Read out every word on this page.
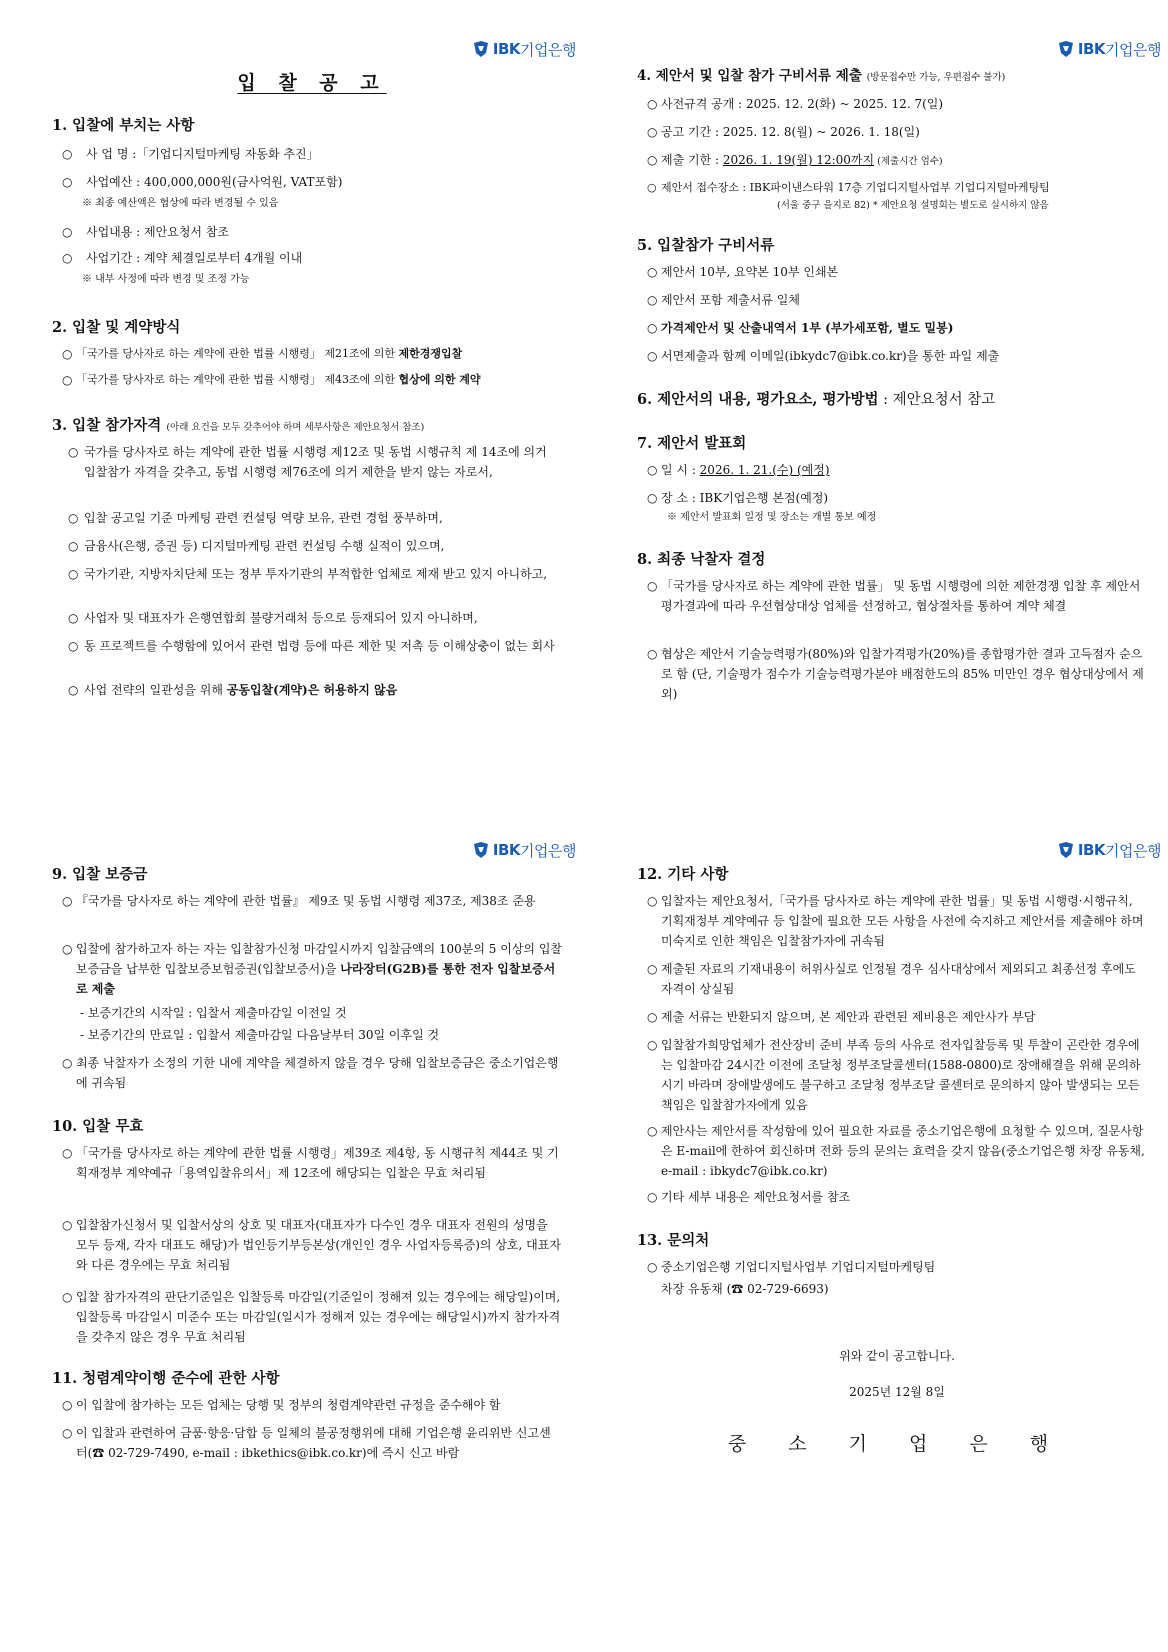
IBK 기업은행
입 찰 공 고
1. 입찰에 부치는 사항
○	사 업 명 :「기업디지털마케팅 자동화 추진」
○	사업예산 : 400,000,000원(금사억원, VAT포함)
※ 최종 예산액은 협상에 따라 변경될 수 있음
○	사업내용 : 제안요청서 참조
○	사업기간 : 계약 체결일로부터 4개월 이내
※ 내부 사정에 따라 변경 및 조정 가능
2. 입찰 및 계약방식
○ 「국가를 당사자로 하는 계약에 관한 법률 시행령」 제21조에 의한 제한경쟁입찰
○ 「국가를 당사자로 하는 계약에 관한 법률 시행령」 제43조에 의한 협상에 의한 계약
3. 입찰 참가자격 (아래 요건을 모두 갖추어야 하며 세부사항은 제안요청서 참조)
○ 국가를 당사자로 하는 계약에 관한 법률 시행령 제12조 및 동법 시행규칙 제 14조에 의거 입찰참가 자격을 갖추고, 동법 시행령 제76조에 의거 제한을 받지 않는 자로서,
○ 입찰 공고일 기준 마케팅 관련 컨설팅 역량 보유, 관련 경험 풍부하며,
○ 금융사(은행, 증권 등) 디지털마케팅 관련 컨설팅 수행 실적이 있으며,
○ 국가기관, 지방자치단체 또는 정부 투자기관의 부적합한 업체로 제재 받고 있지 아니하고,
○ 사업자 및 대표자가 은행연합회 불량거래처 등으로 등재되어 있지 아니하며,
○ 동 프로젝트를 수행함에 있어서 관련 법령 등에 따른 제한 및 저촉 등 이해상충이 없는 회사
○ 사업 전략의 일관성을 위해 공동입찰(계약)은 허용하지 않음
IBK 기업은행
4. 제안서 및 입찰 참가 구비서류 제출 (방문접수만 가능, 우편접수 불가)
○ 사전규격 공개 : 2025. 12. 2(화) ~ 2025. 12. 7(일)
○ 공고 기간 : 2025. 12. 8(월) ~ 2026. 1. 18(일)
○ 제출 기한 : 2026. 1. 19(월) 12:00까지 (제출시간 엄수)
○ 제안서 접수장소 : IBK파이낸스타워 17층 기업디지털사업부 기업디지털마케팅팀
(서울 중구 을지로 82) * 제안요청 설명회는 별도로 실시하지 않음
5. 입찰참가 구비서류
○ 제안서 10부, 요약본 10부 인쇄본
○ 제안서 포함 제출서류 일체
○ 가격제안서 및 산출내역서 1부 (부가세포함, 별도 밀봉)
○ 서면제출과 함께 이메일(ibkydc7@ibk.co.kr)을 통한 파일 제출
6. 제안서의 내용, 평가요소, 평가방법 : 제안요청서 참고
7. 제안서 발표회
○ 일 시 : 2026. 1. 21.(수) (예정)
○ 장 소 : IBK기업은행 본점(예정)
※ 제안서 발표회 일정 및 장소는 개별 통보 예정
8. 최종 낙찰자 결정
○ 「국가를 당사자로 하는 계약에 관한 법률」 및 동법 시행령에 의한 제한경쟁 입찰 후 제안서 평가결과에 따라 우선협상대상 업체를 선정하고, 협상절차를 통하여 계약 체결
○ 협상은 제안서 기술능력평가(80%)와 입찰가격평가(20%)를 종합평가한 결과 고득점자 순으로 함 (단, 기술평가 점수가 기술능력평가분야 배점한도의 85% 미만인 경우 협상대상에서 제외)
IBK 기업은행
9. 입찰 보증금
○ 『국가를 당사자로 하는 계약에 관한 법률』 제9조 및 동법 시행령 제37조, 제38조 준용
○ 입찰에 참가하고자 하는 자는 입찰참가신청 마감일시까지 입찰금액의 100분의 5 이상의 입찰보증금을 납부한 입찰보증보험증권(입찰보증서)을 나라장터(G2B)를 통한 전자 입찰보증서로 제출
- 보증기간의 시작일 : 입찰서 제출마감일 이전일 것
- 보증기간의 만료일 : 입찰서 제출마감일 다음날부터 30일 이후일 것
○ 최종 낙찰자가 소정의 기한 내에 계약을 체결하지 않을 경우 당해 입찰보증금은 중소기업은행에 귀속됨
10. 입찰 무효
○ 「국가를 당사자로 하는 계약에 관한 법률 시행령」제39조 제4항, 동 시행규칙 제44조 및 기획재정부 계약예규「용역입찰유의서」제 12조에 해당되는 입찰은 무효 처리됨
○ 입찰참가신청서 및 입찰서상의 상호 및 대표자(대표자가 다수인 경우 대표자 전원의 성명을 모두 등재, 각자 대표도 해당)가 법인등기부등본상(개인인 경우 사업자등록증)의 상호, 대표자와 다른 경우에는 무효 처리됨
○ 입찰 참가자격의 판단기준일은 입찰등록 마감일(기준일이 정해져 있는 경우에는 해당일)이며, 입찰등록 마감일시 미준수 또는 마감일(일시가 정해져 있는 경우에는 해당일시)까지 참가자격을 갖추지 않은 경우 무효 처리됨
11. 청렴계약이행 준수에 관한 사항
○ 이 입찰에 참가하는 모든 업체는 당행 및 정부의 청렴계약관련 규정을 준수해야 함
○ 이 입찰과 관련하여 금품·향응·담합 등 일체의 불공정행위에 대해 기업은행 윤리위반 신고센터(☎ 02-729-7490, e-mail : ibkethics@ibk.co.kr)에 즉시 신고 바람
IBK 기업은행
12. 기타 사항
○ 입찰자는 제안요청서,「국가를 당사자로 하는 계약에 관한 법률」및 동법 시행령·시행규칙, 기획재정부 계약예규 등 입찰에 필요한 모든 사항을 사전에 숙지하고 제안서를 제출해야 하며 미숙지로 인한 책임은 입찰참가자에 귀속됨
○ 제출된 자료의 기재내용이 허위사실로 인정될 경우 심사대상에서 제외되고 최종선정 후에도 자격이 상실됨
○ 제출 서류는 반환되지 않으며, 본 제안과 관련된 제비용은 제안사가 부담
○ 입찰참가희망업체가 전산장비 준비 부족 등의 사유로 전자입찰등록 및 투찰이 곤란한 경우에는 입찰마감 24시간 이전에 조달청 정부조달콜센터(1588-0800)로 장애해결을 위해 문의하시기 바라며 장애발생에도 불구하고 조달청 정부조달 콜센터로 문의하지 않아 발생되는 모든 책임은 입찰참가자에게 있음
○ 제안사는 제안서를 작성함에 있어 필요한 자료를 중소기업은행에 요청할 수 있으며, 질문사항은 E-mail에 한하여 회신하며 전화 등의 문의는 효력을 갖지 않음(중소기업은행 차장 유동채, e-mail : ibkydc7@ibk.co.kr)
○ 기타 세부 내용은 제안요청서를 참조
13. 문의처
○ 중소기업은행 기업디지털사업부 기업디지털마케팅팀
차장 유동채 (☎ 02-729-6693)
위와 같이 공고합니다.
2025년 12월 8일
중 소 기 업 은 행
